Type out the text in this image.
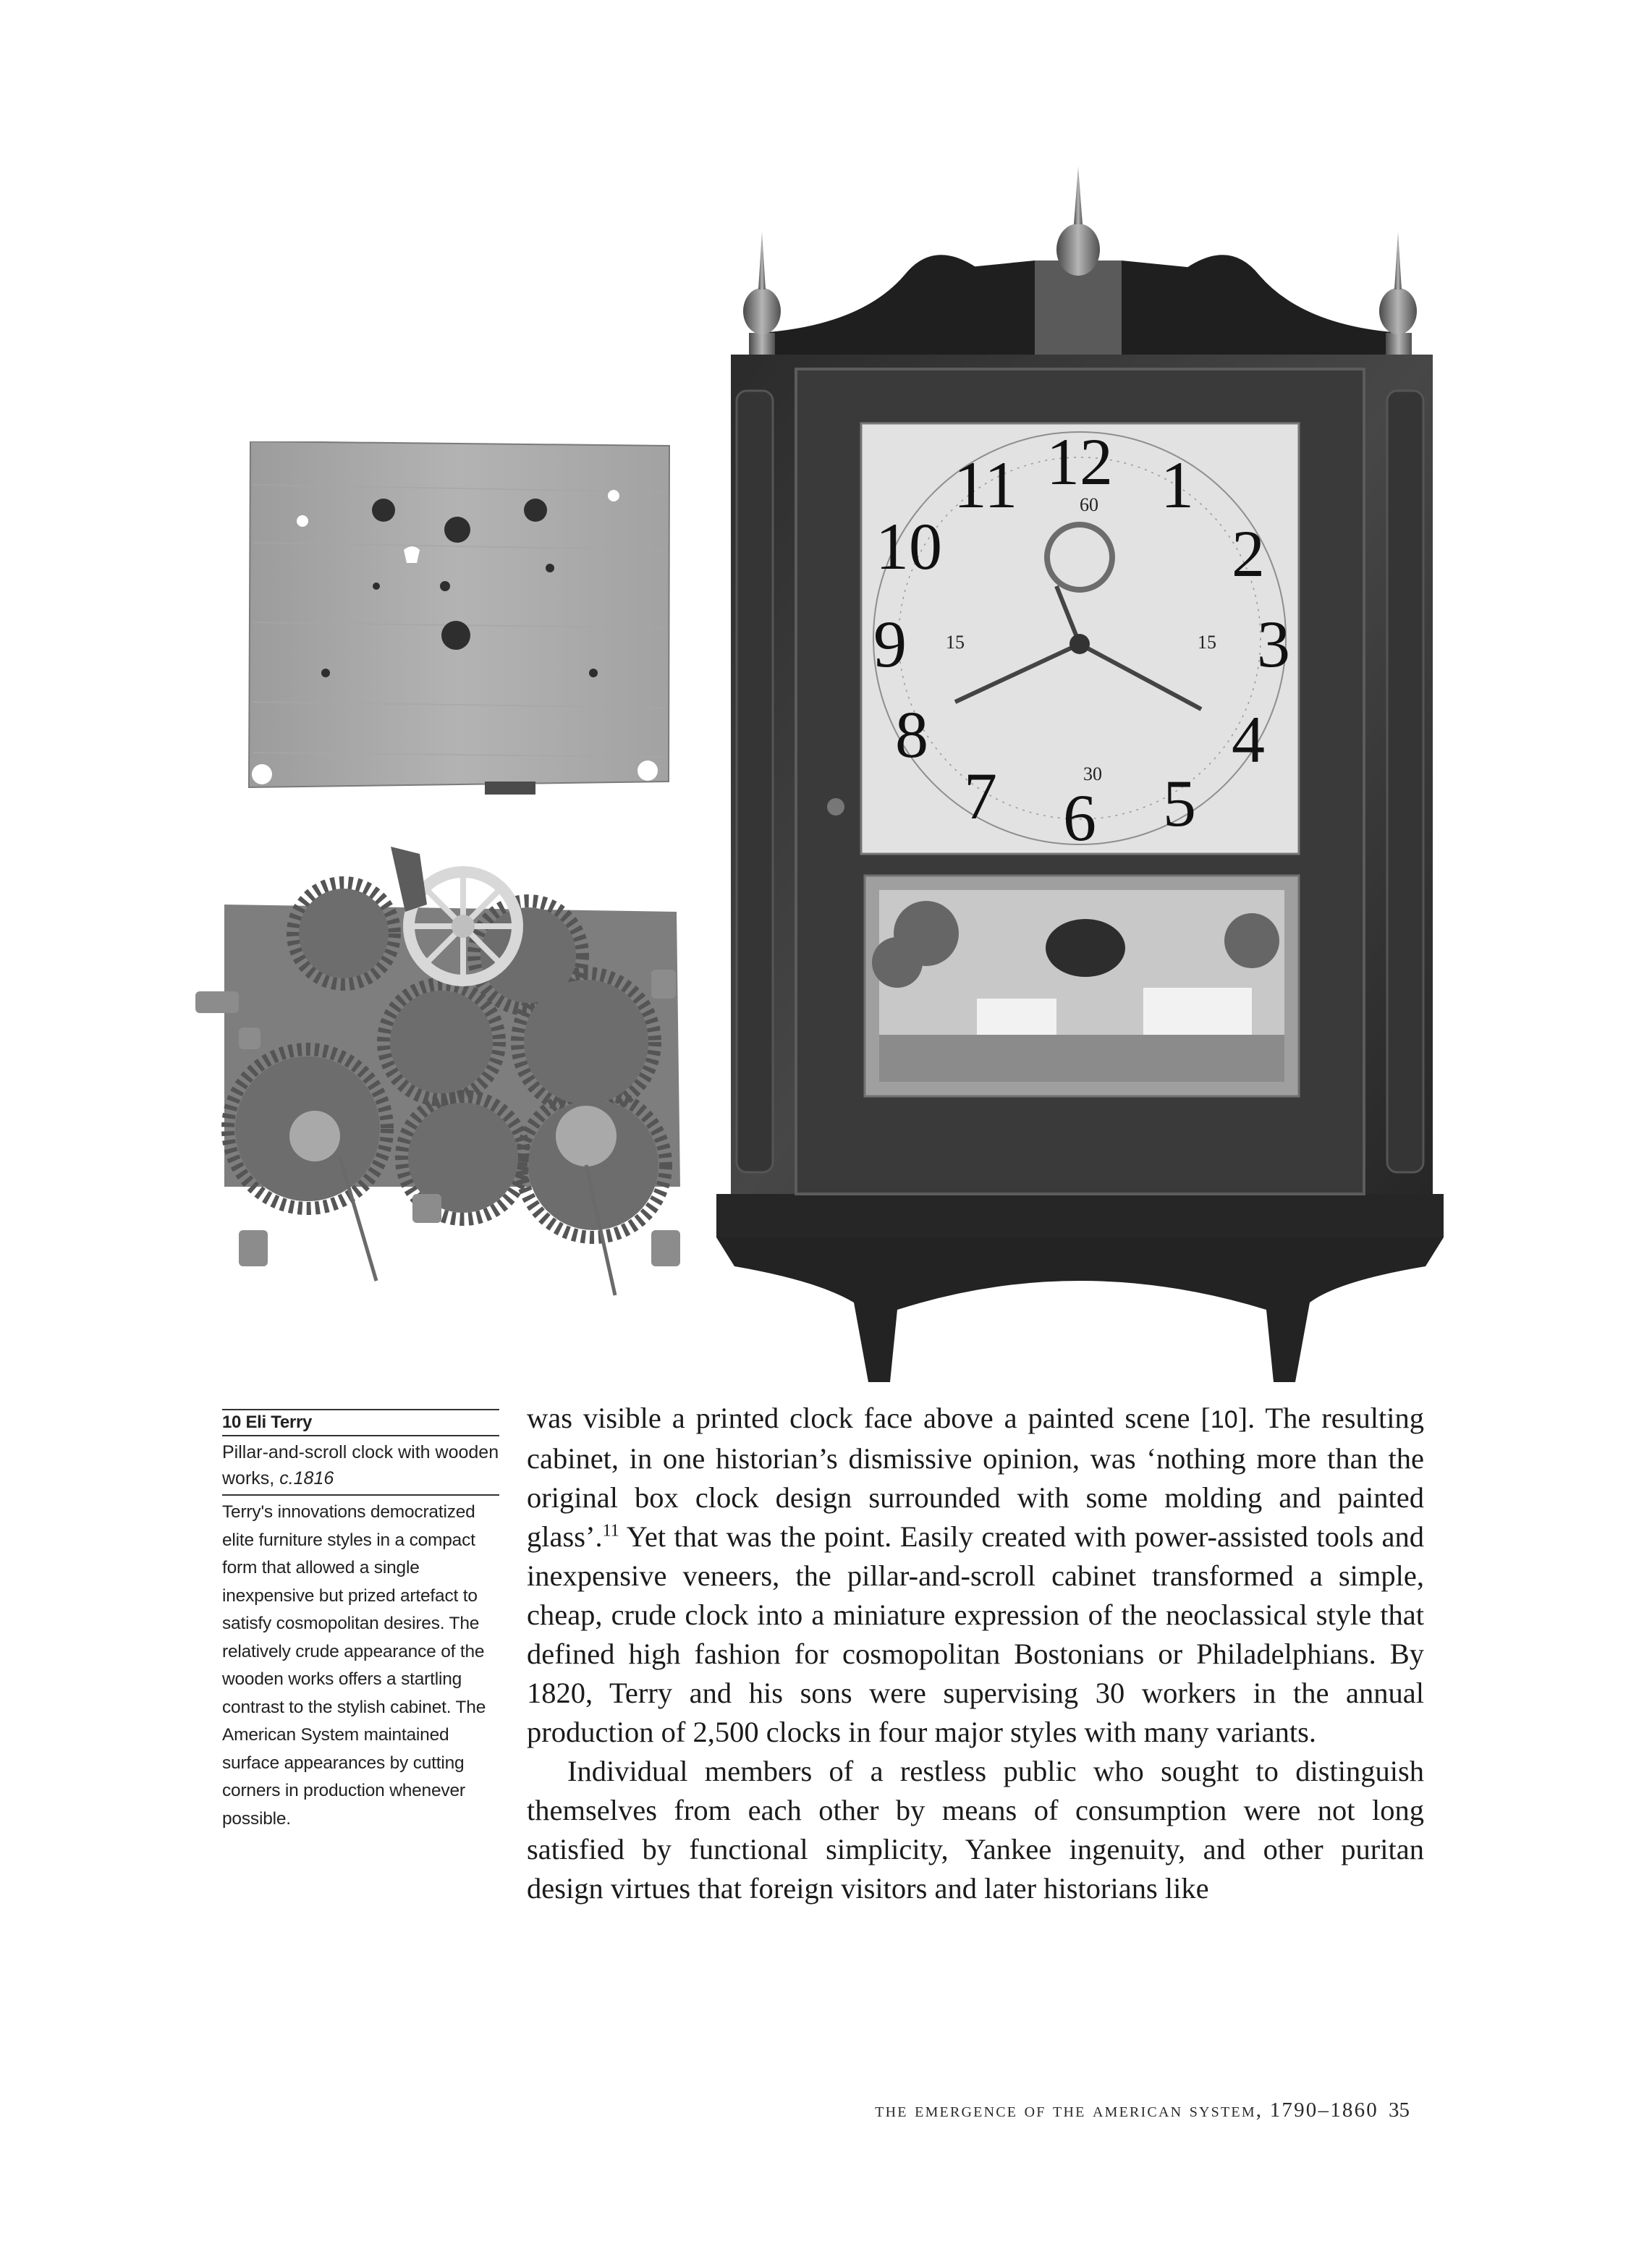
12 1
2
3
4
5
6
7
8
9
10
11	60
15
30
15
10 Eli Terry
Pillar-and-scroll clock with wooden works, c.1816
Terry's innovations democratized elite furniture styles in a compact form that allowed a single inexpensive but prized artefact to satisfy cosmopolitan desires. The relatively crude appearance of the wooden works offers a startling contrast to the stylish cabinet. The American System maintained surface appearances by cutting corners in production whenever possible.

was visible a printed clock face above a painted scene [10]. The resulting cabinet, in one historian’s dismissive opinion, was ‘nothing more than the original box clock design surrounded with some molding and painted glass’.$^{11}$ Yet that was the point. Easily created with power-assisted tools and inexpensive veneers, the pillar-and-scroll cabinet transformed a simple, cheap, crude clock into a miniature expression of the neoclassical style that defined high fashion for cosmopolitan Bostonians or Philadelphians. By 1820, Terry and his sons were supervising 30 workers in the annual production of 2,500 clocks in four major styles with many variants.

Individual members of a restless public who sought to distinguish themselves from each other by means of consumption were not long satisfied by functional simplicity, Yankee ingenuity, and other puritan design virtues that foreign visitors and later historians like

the emergence of the american system, 1790–1860 35
